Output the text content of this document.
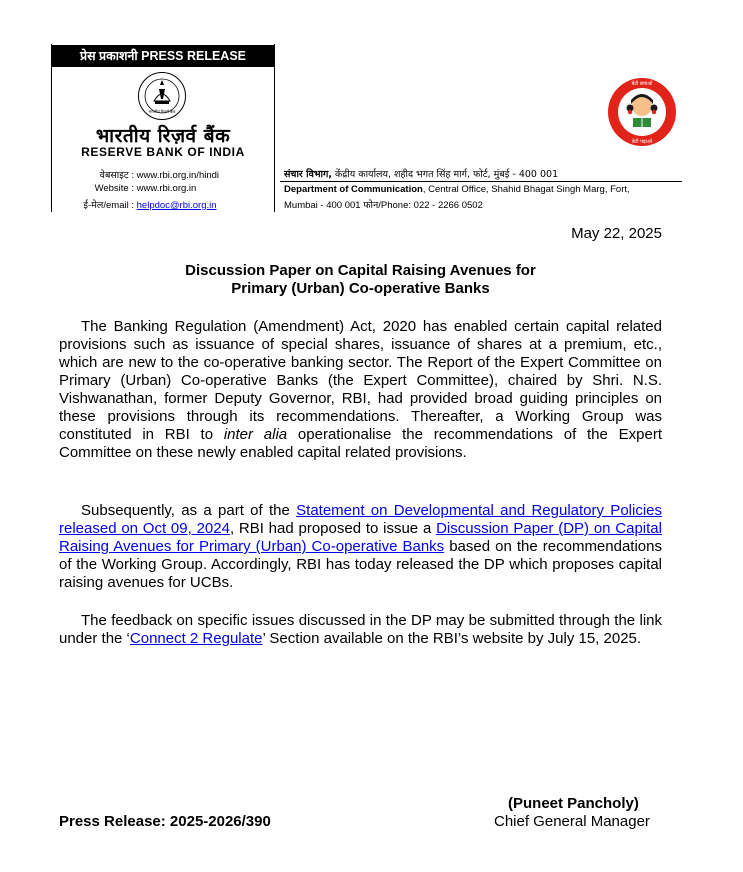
प्रेस प्रकाशनी PRESS RELEASE
भारतीय रिज़र्व बैंक
भारतीय रिज़र्व बैंक
RESERVE BANK OF INDIA
वेबसाइट : www.rbi.org.in/hindi
Website : www.rbi.org.in
ई-मेल/email : helpdoc@rbi.org.in
संचार विभाग, केंद्रीय कार्यालय, शहीद भगत सिंह मार्ग, फोर्ट, मुंबई - 400 001
Department of Communication, Central Office, Shahid Bhagat Singh Marg, Fort,
Mumbai - 400 001 फोन/Phone: 022 - 2266 0502
बेटी बचाओ
बेटी पढ़ाओ
May 22, 2025
Discussion Paper on Capital Raising Avenues for
Primary (Urban) Co-operative Banks
The Banking Regulation (Amendment) Act, 2020 has enabled certain capital related provisions such as issuance of special shares, issuance of shares at a premium, etc., which are new to the co-operative banking sector. The Report of the Expert Committee on Primary (Urban) Co-operative Banks (the Expert Committee), chaired by Shri. N.S. Vishwanathan, former Deputy Governor, RBI, had provided broad guiding principles on these provisions through its recommendations. Thereafter, a Working Group was constituted in RBI to inter alia operationalise the recommendations of the Expert Committee on these newly enabled capital related provisions.
Subsequently, as a part of the Statement on Developmental and Regulatory Policies released on Oct 09, 2024, RBI had proposed to issue a Discussion Paper (DP) on Capital Raising Avenues for Primary (Urban) Co-operative Banks based on the recommendations of the Working Group. Accordingly, RBI has today released the DP which proposes capital raising avenues for UCBs.
The feedback on specific issues discussed in the DP may be submitted through the link under the ‘Connect 2 Regulate’ Section available on the RBI’s website by July 15, 2025.
(Puneet Pancholy)
Chief General Manager
Press Release: 2025-2026/390
